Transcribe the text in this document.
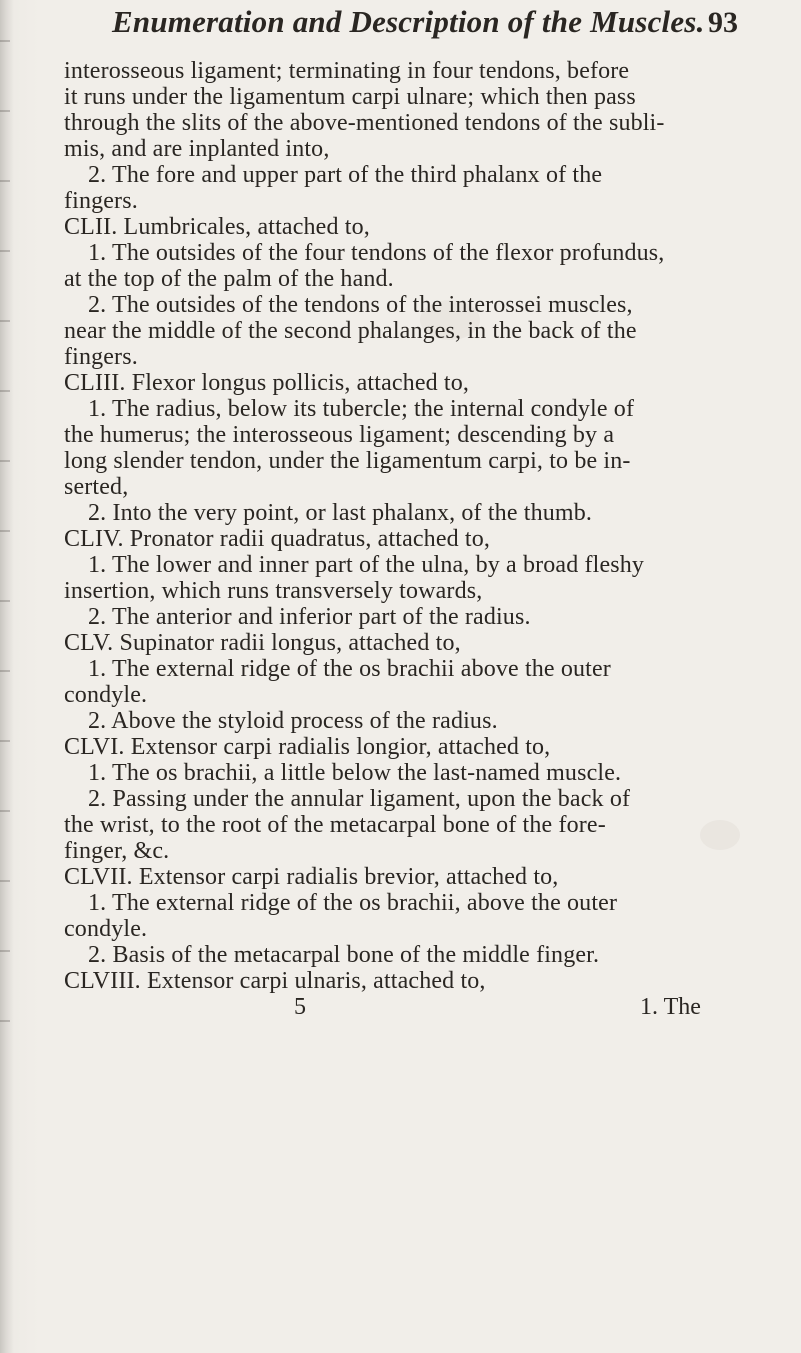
Enumeration and Description of the Muscles. 93
interosseous ligament; terminating in four tendons, before
it runs under the ligamentum carpi ulnare; which then pass
through the slits of the above-mentioned tendons of the subli-
mis, and are inplanted into,
2. The fore and upper part of the third phalanx of the
fingers.
CLII. Lumbricales, attached to,
1. The outsides of the four tendons of the flexor profundus,
at the top of the palm of the hand.
2. The outsides of the tendons of the interossei muscles,
near the middle of the second phalanges, in the back of the
fingers.
CLIII. Flexor longus pollicis, attached to,
1. The radius, below its tubercle; the internal condyle of
the humerus; the interosseous ligament; descending by a
long slender tendon, under the ligamentum carpi, to be in-
serted,
2. Into the very point, or last phalanx, of the thumb.
CLIV. Pronator radii quadratus, attached to,
1. The lower and inner part of the ulna, by a broad fleshy
insertion, which runs transversely towards,
2. The anterior and inferior part of the radius.
CLV. Supinator radii longus, attached to,
1. The external ridge of the os brachii above the outer
condyle.
2. Above the styloid process of the radius.
CLVI. Extensor carpi radialis longior, attached to,
1. The os brachii, a little below the last-named muscle.
2. Passing under the annular ligament, upon the back of
the wrist, to the root of the metacarpal bone of the fore-
finger, &c.
CLVII. Extensor carpi radialis brevior, attached to,
1. The external ridge of the os brachii, above the outer
condyle.
2. Basis of the metacarpal bone of the middle finger.
CLVIII. Extensor carpi ulnaris, attached to,
5	1. The
